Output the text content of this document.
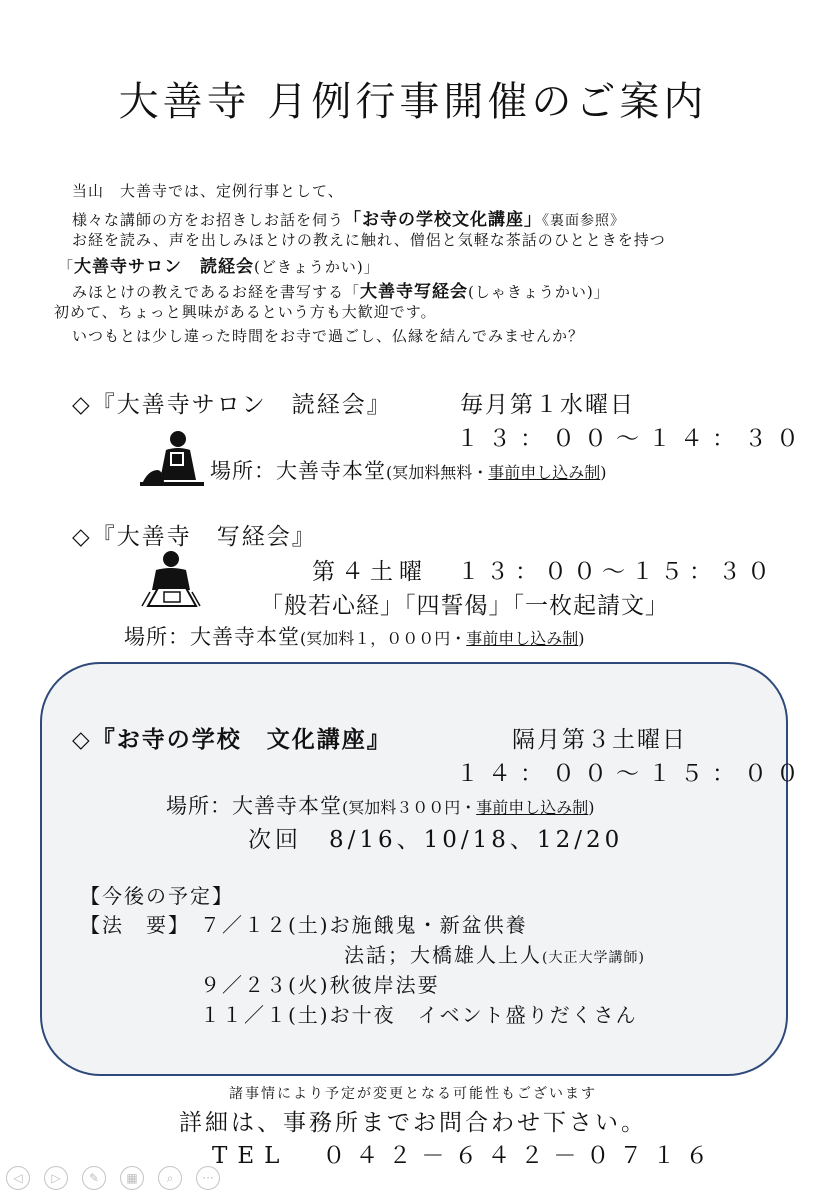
大善寺 月例行事開催のご案内
当山　大善寺では、定例行事として、
様々な講師の方をお招きしお話を伺う「お寺の学校文化講座」《裏面参照》
お経を読み、声を出しみほとけの教えに触れ、僧侶と気軽な茶話のひとときを持つ
「大善寺サロン　読経会(どきょうかい)」
みほとけの教えであるお経を書写する「大善寺写経会(しゃきょうかい)」
初めて、ちょっと興味があるという方も大歓迎です。
いつもとは少し違った時間をお寺で過ごし、仏縁を結んでみませんか？
◇『大善寺サロン　読経会』	毎月第１水曜日
１３：００～１４：３０
場所：大善寺本堂(冥加料無料・事前申し込み制)
◇『大善寺　写経会』
第４土曜　１３：００～１５：３０
「般若心経」「四誓偈」「一枚起請文」
場所：大善寺本堂(冥加料１，０００円・事前申し込み制)
◇『お寺の学校　文化講座』	隔月第３土曜日
１４：００～１５：００
場所：大善寺本堂(冥加料３００円・事前申し込み制)
次回　8/16、10/18、12/20
【今後の予定】
【法　要】 ７／１２(土)お施餓鬼・新盆供養
法話；大橋雄人上人(大正大学講師)
９／２３(火)秋彼岸法要
１１／１(土)お十夜　イベント盛りだくさん
諸事情により予定が変更となる可能性もございます
詳細は、事務所までお問合わせ下さい。
TEL　０４２－６４２－０７１６
◁	▷	✎	▦	⌕	···
